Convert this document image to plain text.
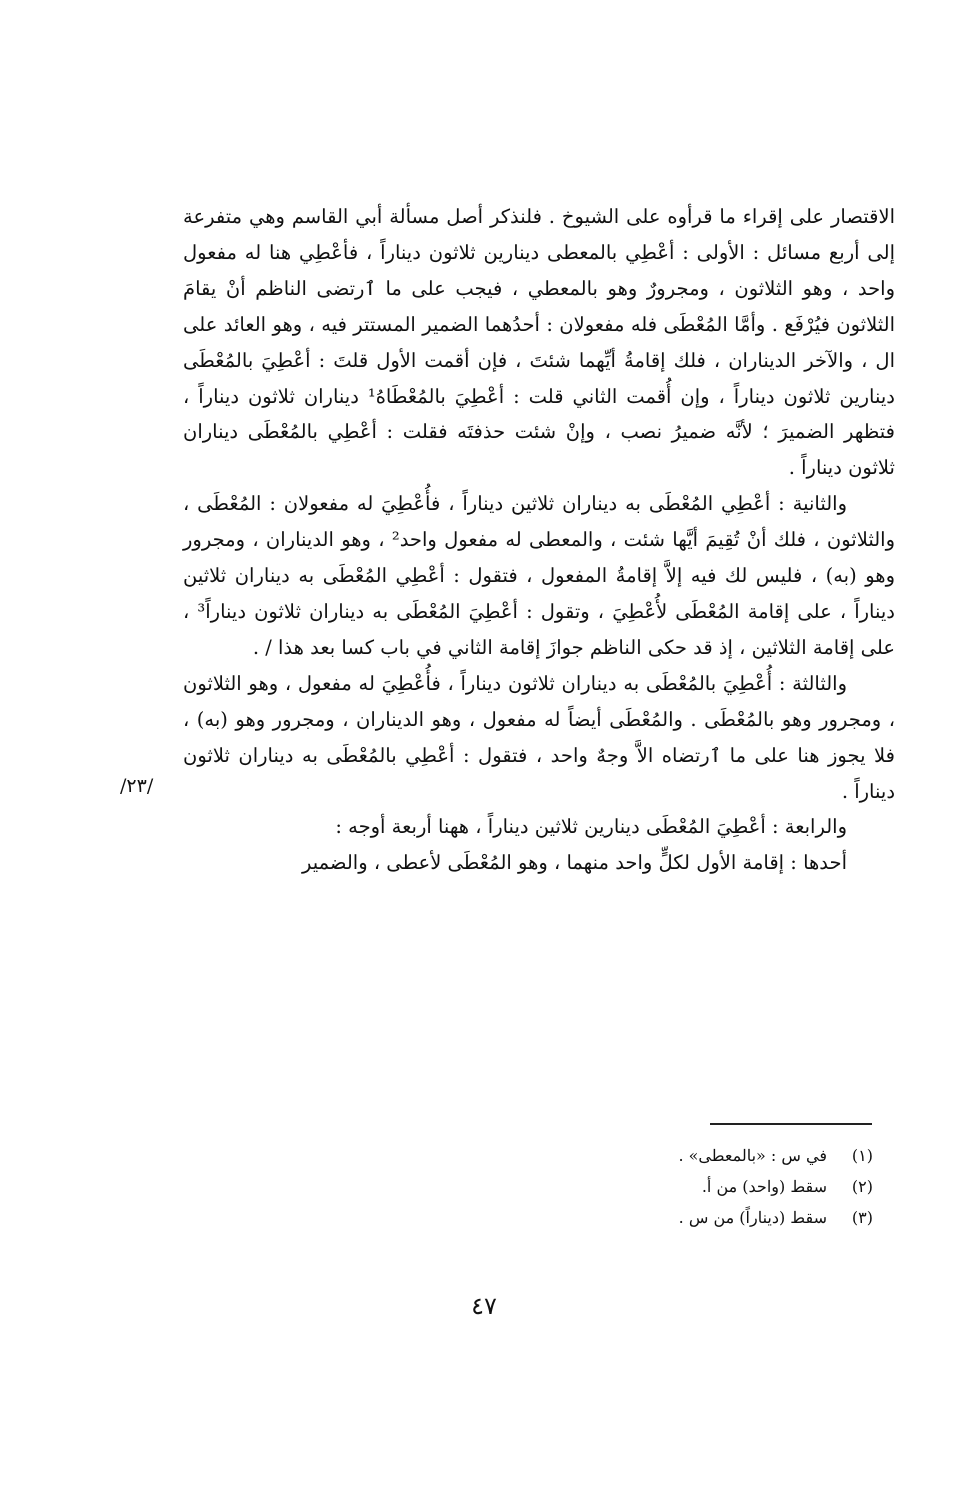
الاقتصار على إقراء ما قرأوه على الشيوخ . فلنذكر أصل مسألة أبي القاسم وهي متفرعة إلى أربع مسائل : الأولى : أعْطِي بالمعطى دينارين ثلاثون ديناراً ، فأعْطِي هنا له مفعول واحد ، وهو الثلاثون ، ومجرورٌ وهو بالمعطي ، فيجب على ما ٱرتضى الناظم أنْ يقامَ الثلاثون فيُرْفَع . وأمَّا المُعْطَى فله مفعولان : أحدُهما الضمير المستتر فيه ، وهو العائد على ال ، والآخر الديناران ، فلك إقامةُ أيِّهما شئتَ ، فإن أقمت الأول قلتَ : أعْطِيَ بالمُعْطَى دينارين ثلاثون ديناراً ، وإن أُقمت الثاني قلت : أعْطِيَ بالمُعْطَاهُ¹ ديناران ثلاثون ديناراً ، فتظهر الضميرَ ؛ لأنَّه ضميرُ نصب ، وإنْ شئت حذفتَه فقلت : أعْطِي بالمُعْطَى ديناران ثلاثون ديناراً .

والثانية : أعْطِي المُعْطَى به ديناران ثلاثين ديناراً ، فأُعْطِيَ له مفعولان : المُعْطَى ، والثلاثون ، فلك أنْ تُقِيمَ أيَّها شئت ، والمعطى له مفعول واحد² ، وهو الديناران ، ومجرور وهو (به) ، فليس لك فيه إلاَّ إقامةُ المفعول ، فتقول : أعْطِي المُعْطَى به ديناران ثلاثين ديناراً ، على إقامة المُعْطَى لأُعْطِيَ ، وتقول : أعْطِيَ المُعْطَى به ديناران ثلاثون ديناراً³ ، على إقامة الثلاثين ، إذ قد حكى الناظم جوازَ إقامة الثاني في باب كسا بعد هذا / .

والثالثة : أُعْطِيَ بالمُعْطَى به ديناران ثلاثون ديناراً ، فأُعْطِيَ له مفعول ، وهو الثلاثون ، ومجرور وهو بالمُعْطَى . والمُعْطَى أيضاً له مفعول ، وهو الديناران ، ومجرور وهو (به) ، فلا يجوز هنا على ما ٱرتضاه الاَّ وجهٌ واحد ، فتقول : أعْطِي بالمُعْطَى به ديناران ثلاثون ديناراً .

والرابعة : أعْطِيَ المُعْطَى دينارين ثلاثين ديناراً ، ههنا أربعة أوجه :

أحدها : إقامة الأول لكلٍّ واحد منهما ، وهو المُعْطَى لأعطى ، والضمير

/٢٣/
(١)
في س : «بالمعطى» .
(٢)
سقط (واحد) من أ.
(٣)
سقط (ديناراً) من س .
٤٧
